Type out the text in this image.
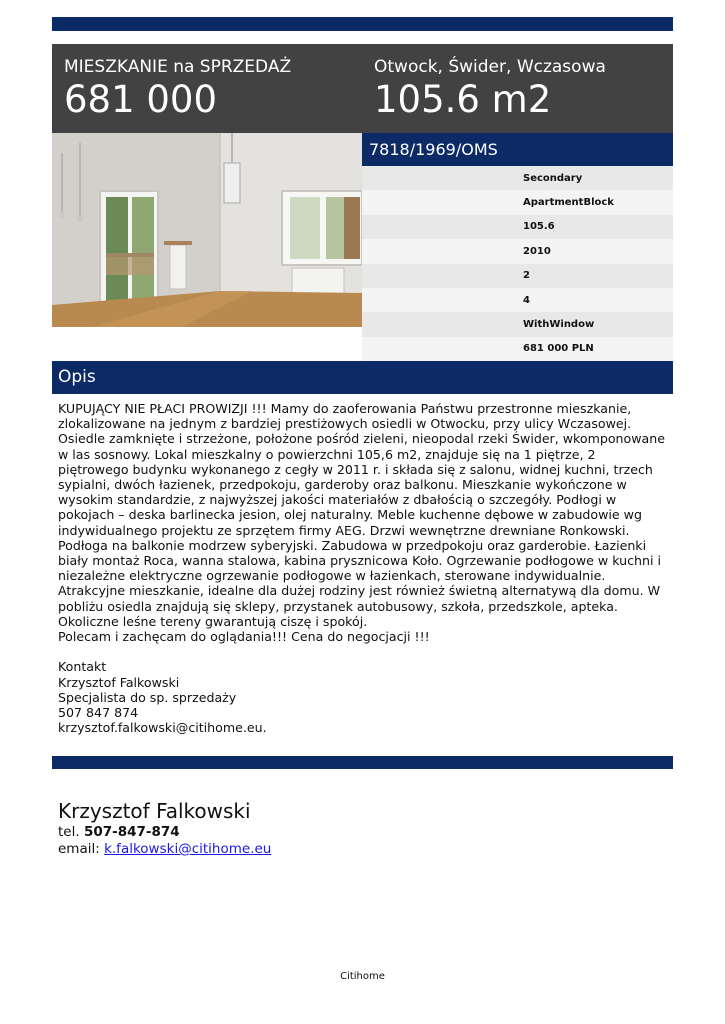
MIESZKANIE na SPRZEDAŻ
681 000
Otwock, Świder, Wczasowa
105.6 m2
7818/1969/OMS
Secondary
ApartmentBlock
105.6
2010
2
4
WithWindow
681 000 PLN
Opis

KUPUJĄCY NIE PŁACI PROWIZJI !!! Mamy do zaoferowania Państwu przestronne mieszkanie, zlokalizowane na jednym z bardziej prestiżowych osiedli w Otwocku, przy ulicy Wczasowej. Osiedle zamknięte i strzeżone, położone pośród zieleni, nieopodal rzeki Świder, wkomponowane w las sosnowy. Lokal mieszkalny o powierzchni 105,6 m2, znajduje się na 1 piętrze, 2 piętrowego budynku wykonanego z cegły w 2011 r. i składa się z salonu, widnej kuchni, trzech sypialni, dwóch łazienek, przedpokoju, garderoby oraz balkonu. Mieszkanie wykończone w wysokim standardzie, z najwyższej jakości materiałów z dbałością o szczegóły. Podłogi w pokojach – deska barlinecka jesion, olej naturalny. Meble kuchenne dębowe w zabudowie wg indywidualnego projektu ze sprzętem firmy AEG. Drzwi wewnętrzne drewniane Ronkowski. Podłoga na balkonie modrzew syberyjski. Zabudowa w przedpokoju oraz garderobie. Łazienki biały montaż Roca, wanna stalowa, kabina prysznicowa Koło. Ogrzewanie podłogowe w kuchni i niezależne elektryczne ogrzewanie podłogowe w łazienkach, sterowane indywidualnie. Atrakcyjne mieszkanie, idealne dla dużej rodziny jest również świetną alternatywą dla domu. W pobliżu osiedla znajdują się sklepy, przystanek autobusowy, szkoła, przedszkole, apteka. Okoliczne leśne tereny gwarantują ciszę i spokój.

Polecam i zachęcam do oglądania!!! Cena do negocjacji !!!

Kontakt

Krzysztof Falkowski

Specjalista do sp. sprzedaży

507 847 874

krzysztof.falkowski@citihome.eu.

Krzysztof Falkowski
tel. 507-847-874
email: k.falkowski@citihome.eu
Citihome
